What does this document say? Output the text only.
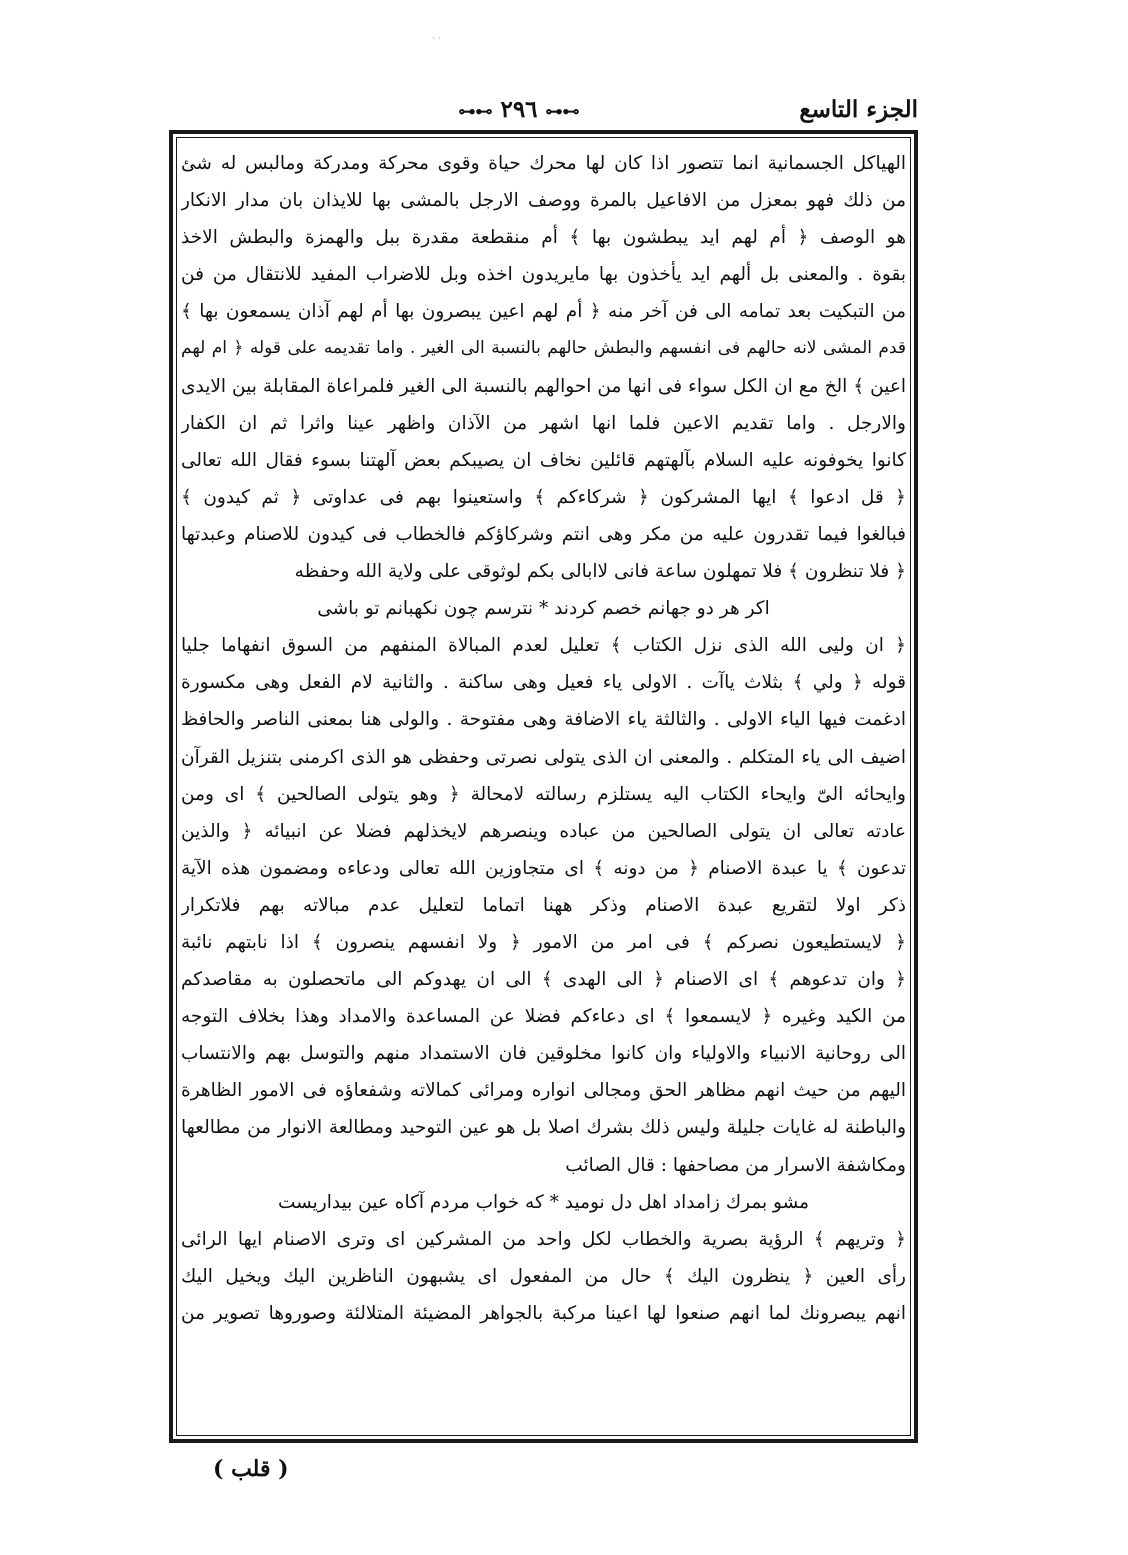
· ·
الجزء التاسع
⊶⊷ ٢٩٦ ⊶⊷
الهياكل الجسمانية انما تتصور اذا كان لها محرك حياة وقوى محركة ومدركة ومالبس له شئ
من ذلك فهو بمعزل من الافاعيل بالمرة ووصف الارجل بالمشى بها للايذان بان مدار الانكار
هو الوصف ﴿ أم لهم ايد يبطشون بها ﴾ أم منقطعة مقدرة ببل والهمزة والبطش الاخذ
بقوة . والمعنى بل ألهم ايد يأخذون بها مايريدون اخذه وبل للاضراب المفيد للانتقال من فن
من التبكيت بعد تمامه الى فن آخر منه ﴿ أم لهم اعين يبصرون بها أم لهم آذان يسمعون بها ﴾
قدم المشى لانه حالهم فى انفسهم والبطش حالهم بالنسبة الى الغير . واما تقديمه على قوله ﴿ ام لهم
اعين ﴾ الخ مع ان الكل سواء فى انها من احوالهم بالنسبة الى الغير فلمراعاة المقابلة بين الايدى
والارجل . واما تقديم الاعين فلما انها اشهر من الآذان واظهر عينا واثرا ثم ان الكفار
كانوا يخوفونه عليه السلام بآلهتهم قائلين نخاف ان يصيبكم بعض آلهتنا بسوء فقال الله تعالى
﴿ قل ادعوا ﴾ ايها المشركون ﴿ شركاءكم ﴾ واستعينوا بهم فى عداوتى ﴿ ثم كيدون ﴾
فبالغوا فيما تقدرون عليه من مكر وهى انتم وشركاؤكم فالخطاب فى كيدون للاصنام وعبدتها
﴿ فلا تنظرون ﴾ فلا تمهلون ساعة فانى لاابالى بكم لوثوقى على ولاية الله وحفظه
اكر هر دو جهانم خصم كردند * نترسم چون نكهبانم تو باشى
﴿ ان وليى الله الذى نزل الكتاب ﴾ تعليل لعدم المبالاة المنفهم من السوق انفهاما جليا
قوله ﴿ ولي ﴾ بثلاث ياآت . الاولى ياء فعيل وهى ساكنة . والثانية لام الفعل وهى مكسورة
ادغمت فيها الياء الاولى . والثالثة ياء الاضافة وهى مفتوحة . والولى هنا بمعنى الناصر والحافظ
اضيف الى ياء المتكلم . والمعنى ان الذى يتولى نصرتى وحفظى هو الذى اكرمنى بتنزيل القرآن
وايحائه الىّ وايحاء الكتاب اليه يستلزم رسالته لامحالة ﴿ وهو يتولى الصالحين ﴾ اى ومن
عادته تعالى ان يتولى الصالحين من عباده وينصرهم لايخذلهم فضلا عن انبيائه ﴿ والذين
تدعون ﴾ يا عبدة الاصنام ﴿ من دونه ﴾ اى متجاوزين الله تعالى ودعاءه ومضمون هذه الآية
ذكر اولا لتقريع عبدة الاصنام وذكر ههنا اتماما لتعليل عدم مبالاته بهم فلاتكرار
﴿ لايستطيعون نصركم ﴾ فى امر من الامور ﴿ ولا انفسهم ينصرون ﴾ اذا نابتهم نائبة
﴿ وان تدعوهم ﴾ اى الاصنام ﴿ الى الهدى ﴾ الى ان يهدوكم الى ماتحصلون به مقاصدكم
من الكيد وغيره ﴿ لايسمعوا ﴾ اى دعاءكم فضلا عن المساعدة والامداد وهذا بخلاف التوجه
الى روحانية الانبياء والاولياء وان كانوا مخلوقين فان الاستمداد منهم والتوسل بهم والانتساب
اليهم من حيث انهم مظاهر الحق ومجالى انواره ومرائى كمالاته وشفعاؤه فى الامور الظاهرة
والباطنة له غايات جليلة وليس ذلك بشرك اصلا بل هو عين التوحيد ومطالعة الانوار من مطالعها
ومكاشفة الاسرار من مصاحفها : قال الصائب
مشو بمرك زامداد اهل دل نوميد * كه خواب مردم آكاه عين بيداريست
﴿ وتريهم ﴾ الرؤية بصرية والخطاب لكل واحد من المشركين اى وترى الاصنام ايها الرائى
رأى العين ﴿ ينظرون اليك ﴾ حال من المفعول اى يشبهون الناظرين اليك ويخيل اليك
انهم يبصرونك لما انهم صنعوا لها اعينا مركبة بالجواهر المضيئة المتلالئة وصوروها تصوير من
( قلب )
